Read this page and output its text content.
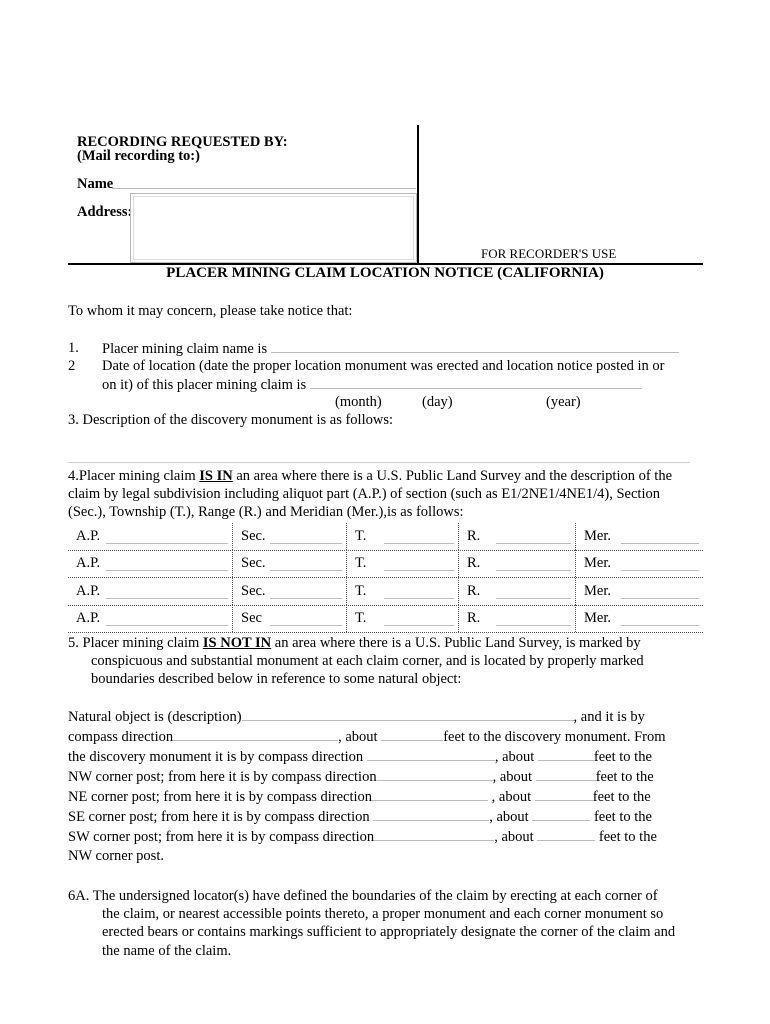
RECORDING REQUESTED BY:
(Mail recording to:)
Name
Address:
FOR RECORDER'S USE
PLACER MINING CLAIM LOCATION NOTICE (CALIFORNIA)
To whom it may concern, please take notice that:
1. Placer mining claim name is
2 Date of location (date the proper location monument was erected and location notice posted in or
on it) of this placer mining claim is
(month)	(day)	(year)
3. Description of the discovery monument is as follows:
4.Placer mining claim IS IN an area where there is a U.S. Public Land Survey and the description of the
claim by legal subdivision including aliquot part (A.P.) of section (such as E1/2NE1/4NE1/4), Section
(Sec.), Township (T.), Range (R.) and Meridian (Mer.),is as follows:
A.P.	Sec.	T.	R.	Mer.
A.P.	Sec.	T.	R.	Mer.
A.P.	Sec.	T.	R.	Mer.
A.P.	Sec	T.	R.	Mer.
5. Placer mining claim IS NOT IN an area where there is a U.S. Public Land Survey, is marked by
conspicuous and substantial monument at each claim corner, and is located by properly marked
boundaries described below in reference to some natural object:
Natural object is (description)	, and it is by
compass direction	, about	feet to the discovery monument. From
the discovery monument it is by compass direction	, about	feet to the
NW corner post; from here it is by compass direction	, about	feet to the
NE corner post; from here it is by compass direction	, about	feet to the
SE corner post; from here it is by compass direction	, about	feet to the
SW corner post; from here it is by compass direction	, about	feet to the
NW corner post.
6A. The undersigned locator(s) have defined the boundaries of the claim by erecting at each corner of
the claim, or nearest accessible points thereto, a proper monument and each corner monument so
erected bears or contains markings sufficient to appropriately designate the corner of the claim and
the name of the claim.
